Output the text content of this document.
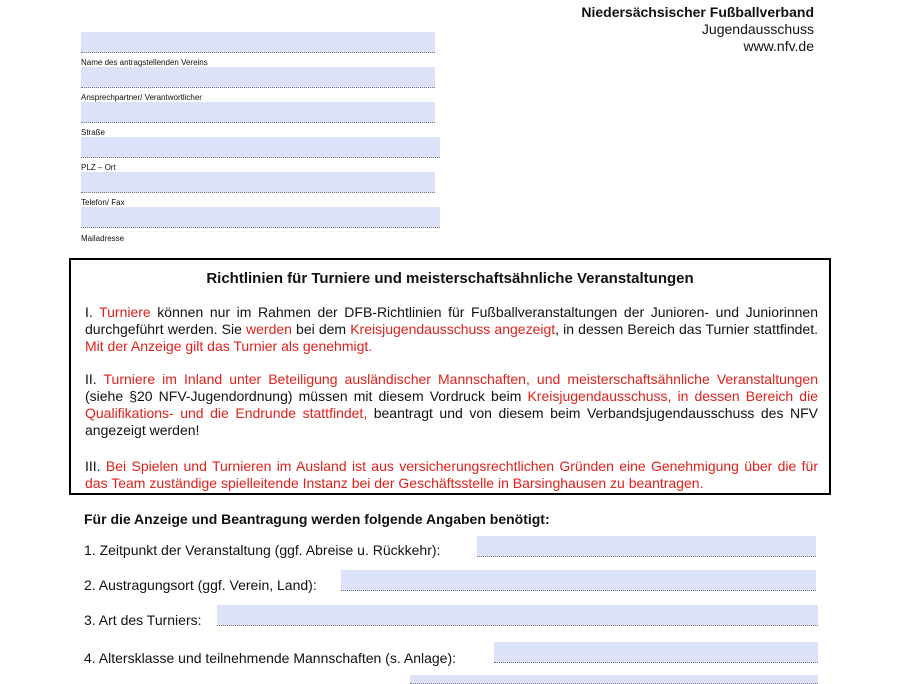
Niedersächsischer Fußballverband
Jugendausschuss
www.nfv.de
Name des antragstellenden Vereins
Ansprechpartner/ Verantwortlicher
Straße
PLZ – Ort
Telefon/ Fax
Mailadresse
Richtlinien für Turniere und meisterschaftsähnliche Veranstaltungen

I. Turniere können nur im Rahmen der DFB-Richtlinien für Fußballveranstaltungen der Junioren- und Juniorinnen durchgeführt werden. Sie werden bei dem Kreisjugendausschuss angezeigt, in dessen Bereich das Turnier stattfindet. Mit der Anzeige gilt das Turnier als genehmigt.

II. Turniere im Inland unter Beteiligung ausländischer Mannschaften, und meisterschaftsähnliche Veranstaltungen (siehe §20 NFV-Jugendordnung) müssen mit diesem Vordruck beim Kreisjugendausschuss, in dessen Bereich die Qualifikations- und die Endrunde stattfindet, beantragt und von diesem beim Verbandsjugendausschuss des NFV angezeigt werden!

III. Bei Spielen und Turnieren im Ausland ist aus versicherungsrechtlichen Gründen eine Genehmigung über die für das Team zuständige spielleitende Instanz bei der Geschäftsstelle in Barsinghausen zu beantragen.

Für die Anzeige und Beantragung werden folgende Angaben benötigt:
1. Zeitpunkt der Veranstaltung (ggf. Abreise u. Rückkehr):
2. Austragungsort (ggf. Verein, Land):
3. Art des Turniers:
4. Altersklasse und teilnehmende Mannschaften (s. Anlage):
